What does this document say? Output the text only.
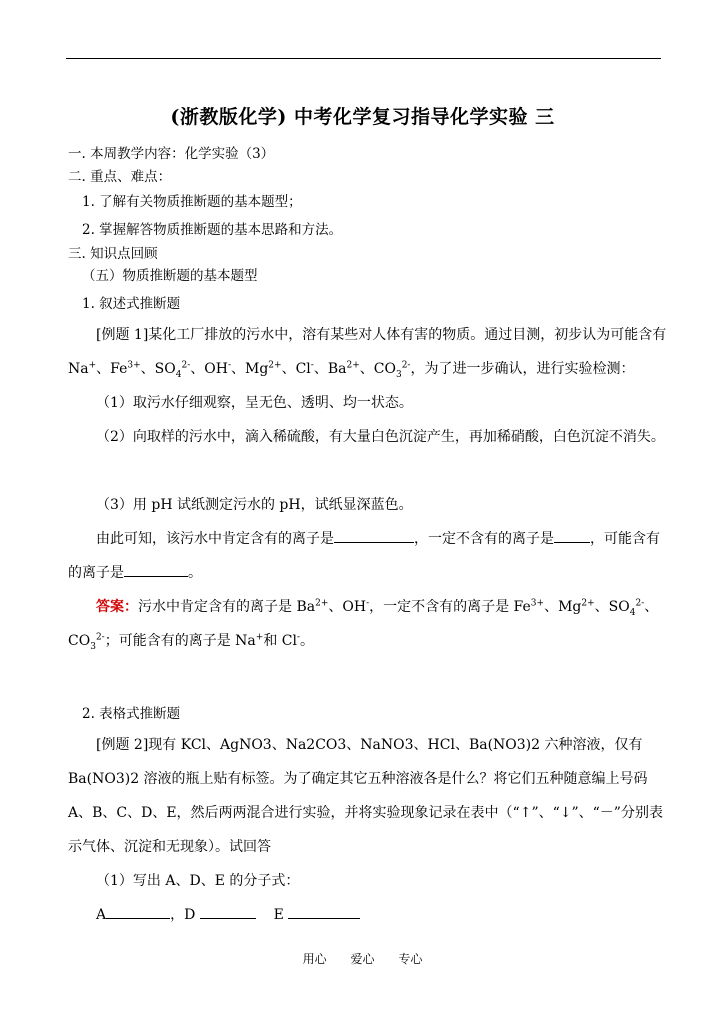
(浙教版化学) 中考化学复习指导化学实验 三
一. 本周教学内容：化学实验（3）
二. 重点、难点：
1. 了解有关物质推断题的基本题型；
2. 掌握解答物质推断题的基本思路和方法。
三. 知识点回顾
（五）物质推断题的基本题型
1. 叙述式推断题
[例题 1]某化工厂排放的污水中，溶有某些对人体有害的物质。通过目测，初步认为可能含有 Na+、$Fe^{3+}$、$SO_4^{2-}$、OH-、$Mg^{2+}$、Cl-、$Ba^{2+}$、$CO_3^{2-}$，为了进一步确认，进行实验检测：
（1）取污水仔细观察，呈无色、透明、均一状态。
（2）向取样的污水中，滴入稀硫酸，有大量白色沉淀产生，再加稀硝酸，白色沉淀不消失。
（3）用 pH 试纸测定污水的 pH，试纸显深蓝色。
由此可知，该污水中肯定含有的离子是	，一定不含有的离子是	，可能含有的离子是	。
答案：污水中肯定含有的离子是 $Ba^{2+}$、OH-，一定不含有的离子是 $Fe^{3+}$、$Mg^{2+}$、$SO_4^{2-}$、$CO_3^{2-}$；可能含有的离子是 Na+和 Cl-。
2. 表格式推断题
[例题 2]现有 KCl、AgNO3、Na2CO3、NaNO3、HCl、Ba(NO3)2 六种溶液，仅有 Ba(NO3)2 溶液的瓶上贴有标签。为了确定其它五种溶液各是什么？将它们五种随意编上号码 A、B、C、D、E，然后两两混合进行实验，并将实验现象记录在表中（“↑”、“↓”、“－”分别表示气体、沉淀和无现象）。试回答
（1）写出 A、D、E 的分子式：
A	，D	E
用心 爱心 专心
